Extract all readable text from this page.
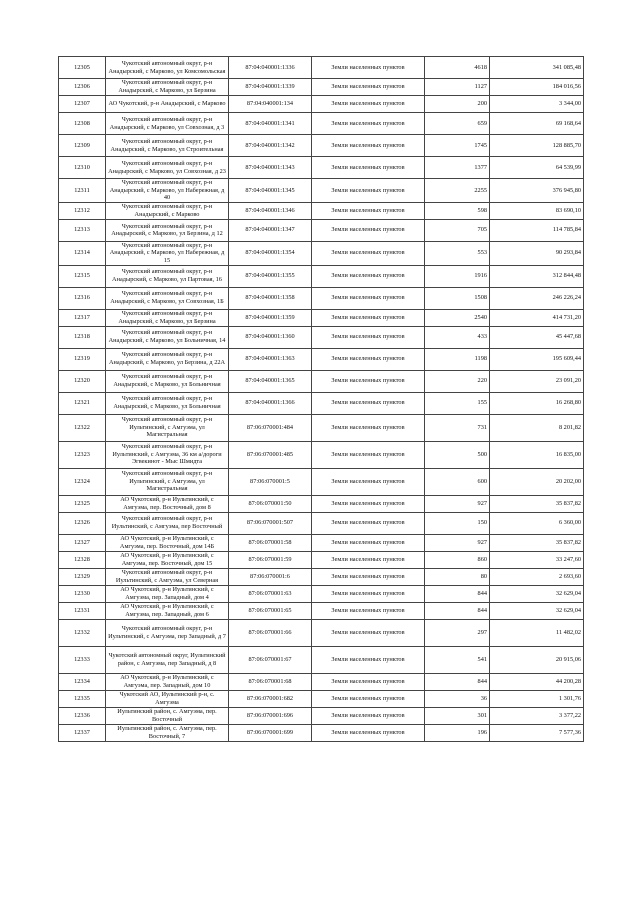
12305	Чукотский автономный округ, р-н Анадырский, с Марково, ул Комсомольская	87:04:040001:1336	Земли населенных пунктов	4618	341 085,48
12306	Чукотский автономный округ, р-н Анадырский, с Марково, ул Берзина	87:04:040001:1339	Земли населенных пунктов	1127	184 016,56
12307	АО Чукотский, р-н Анадырский, с Марково	87:04:040001:134	Земли населенных пунктов	200	3 344,00
12308	Чукотский автономный округ, р-н Анадырский, с Марково, ул Совхозная, д 3	87:04:040001:1341	Земли населенных пунктов	659	69 168,64
12309	Чукотский автономный округ, р-н Анадырский, с Марково, ул Строительная	87:04:040001:1342	Земли населенных пунктов	1745	128 885,70
12310	Чукотский автономный округ, р-н Анадырский, с Марково, ул Совхозная, д 23	87:04:040001:1343	Земли населенных пунктов	1377	64 539,99
12311	Чукотский автономный округ, р-н Анадырский, с Марково, ул Набережная, д 40	87:04:040001:1345	Земли населенных пунктов	2255	376 945,80
12312	Чукотский автономный округ, р-н Анадырский, с Марково	87:04:040001:1346	Земли населенных пунктов	598	83 690,10
12313	Чукотский автономный округ, р-н Анадырский, с Марково, ул Берзина, д 12	87:04:040001:1347	Земли населенных пунктов	705	114 785,84
12314	Чукотский автономный округ, р-н Анадырский, с Марково, ул Набережная, д 15	87:04:040001:1354	Земли населенных пунктов	553	90 293,84
12315	Чукотский автономный округ, р-н Анадырский, с Марково, ул Партовая, 16	87:04:040001:1355	Земли населенных пунктов	1916	312 844,48
12316	Чукотский автономный округ, р-н Анадырский, с Марково, ул Совхозная, 1Б	87:04:040001:1358	Земли населенных пунктов	1508	246 226,24
12317	Чукотский автономный округ, р-н Анадырский, с Марково, ул Берзина	87:04:040001:1359	Земли населенных пунктов	2540	414 731,20
12318	Чукотский автономный округ, р-н Анадырский, с Марково, ул Больничная, 14	87:04:040001:1360	Земли населенных пунктов	433	45 447,68
12319	Чукотский автономный округ, р-н Анадырский, с Марково, ул Берзина, д 22А	87:04:040001:1363	Земли населенных пунктов	1198	195 609,44
12320	Чукотский автономный округ, р-н Анадырский, с Марково, ул Больничная	87:04:040001:1365	Земли населенных пунктов	220	23 091,20
12321	Чукотский автономный округ, р-н Анадырский, с Марково, ул Больничная	87:04:040001:1366	Земли населенных пунктов	155	16 268,80
12322	Чукотский автономный округ, р-н Иультинский, с Амгуэма, ул Магистральная	87:06:070001:484	Земли населенных пунктов	731	8 201,82
12323	Чукотский автономный округ, р-н Иультинский, с Амгуэма, 36 км а/дороги Эгвекинот - Мыс Шмидта	87:06:070001:485	Земли населенных пунктов	500	16 835,00
12324	Чукотский автономный округ, р-н Иультинский, с Амгуэма, ул Магистральная	87:06:070001:5	Земли населенных пунктов	600	20 202,00
12325	АО Чукотский, р-н Иультинский, с Амгуэма, пер. Восточный, дом 8	87:06:070001:50	Земли населенных пунктов	927	35 837,82
12326	Чукотский автономный округ, р-н Иультинский, с Амгуэма, пер Восточный	87:06:070001:507	Земли населенных пунктов	150	6 360,00
12327	АО Чукотский, р-н Иультинский, с Амгуэма, пер. Восточный, дом 14Б	87:06:070001:58	Земли населенных пунктов	927	35 837,82
12328	АО Чукотский, р-н Иультинский, с Амгуэма, пер. Восточный, дом 15	87:06:070001:59	Земли населенных пунктов	860	33 247,60
12329	Чукотский автономный округ, р-н Иультинский, с Амгуэма, ул Северная	87:06:070001:6	Земли населенных пунктов	80	2 693,60
12330	АО Чукотский, р-н Иультинский, с Амгуэма, пер. Западный, дом 4	87:06:070001:63	Земли населенных пунктов	844	32 629,04
12331	АО Чукотский, р-н Иультинский, с Амгуэма, пер. Западный, дом 6	87:06:070001:65	Земли населенных пунктов	844	32 629,04
12332	Чукотский автономный округ, р-н Иультинский, с Амгуэма, пер Западный, д 7	87:06:070001:66	Земли населенных пунктов	297	11 482,02
12333	Чукотский автономный округ, Иультинский район, с Амгуэма, пер Западный, д 8	87:06:070001:67	Земли населенных пунктов	541	20 915,06
12334	АО Чукотский, р-н Иультинский, с Амгуэма, пер. Западный, дом 10	87:06:070001:68	Земли населенных пунктов	844	44 200,28
12335	Чукотский АО, Иультинский р-н, с. Амгуэма	87:06:070001:682	Земли населенных пунктов	36	1 301,76
12336	Иультинский район, с. Амгуэма, пер. Восточный	87:06:070001:696	Земли населенных пунктов	301	3 377,22
12337	Иультинский район, с. Амгуэма, пер. Восточный, 7	87:06:070001:699	Земли населенных пунктов	196	7 577,36
